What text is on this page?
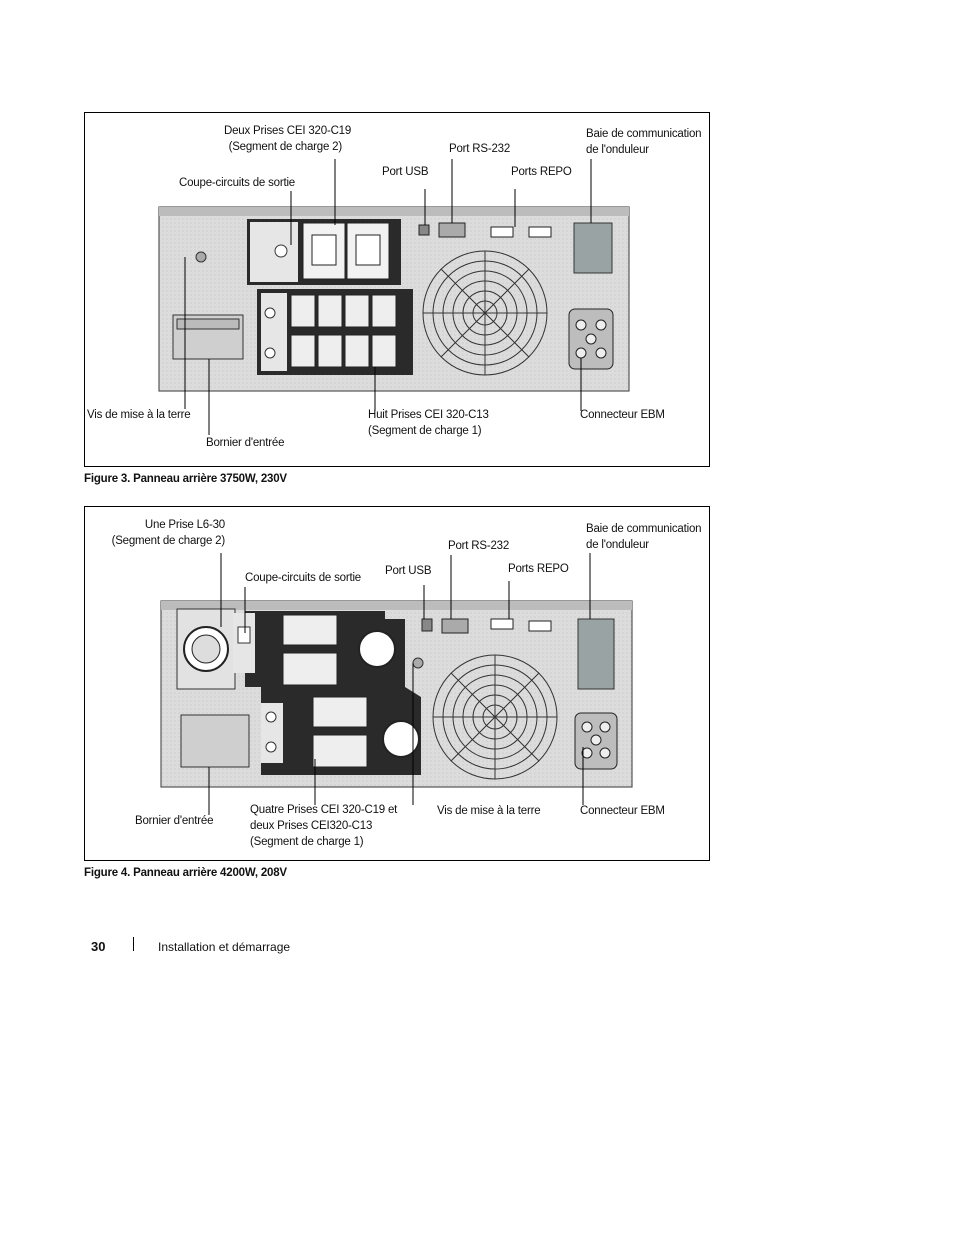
Deux Prises CEI 320-C19
(Segment de charge 2)
Coupe-circuits de sortie
Port USB
Port RS-232
Ports REPO
Baie de communication
de l'onduleur
Vis de mise à la terre
Bornier d'entrée
Huit Prises CEI 320-C13
(Segment de charge 1)
Connecteur EBM
Figure 3. Panneau arrière 3750W, 230V
Une Prise L6-30
(Segment de charge 2)
Coupe-circuits de sortie
Port USB
Port RS-232
Ports REPO
Baie de communication
de l'onduleur
Bornier d'entrée
Quatre Prises CEI 320-C19 et
deux Prises CEI320-C13
(Segment de charge 1)
Vis de mise à la terre	Connecteur EBM
Figure 4. Panneau arrière 4200W, 208V
30	Installation et démarrage
